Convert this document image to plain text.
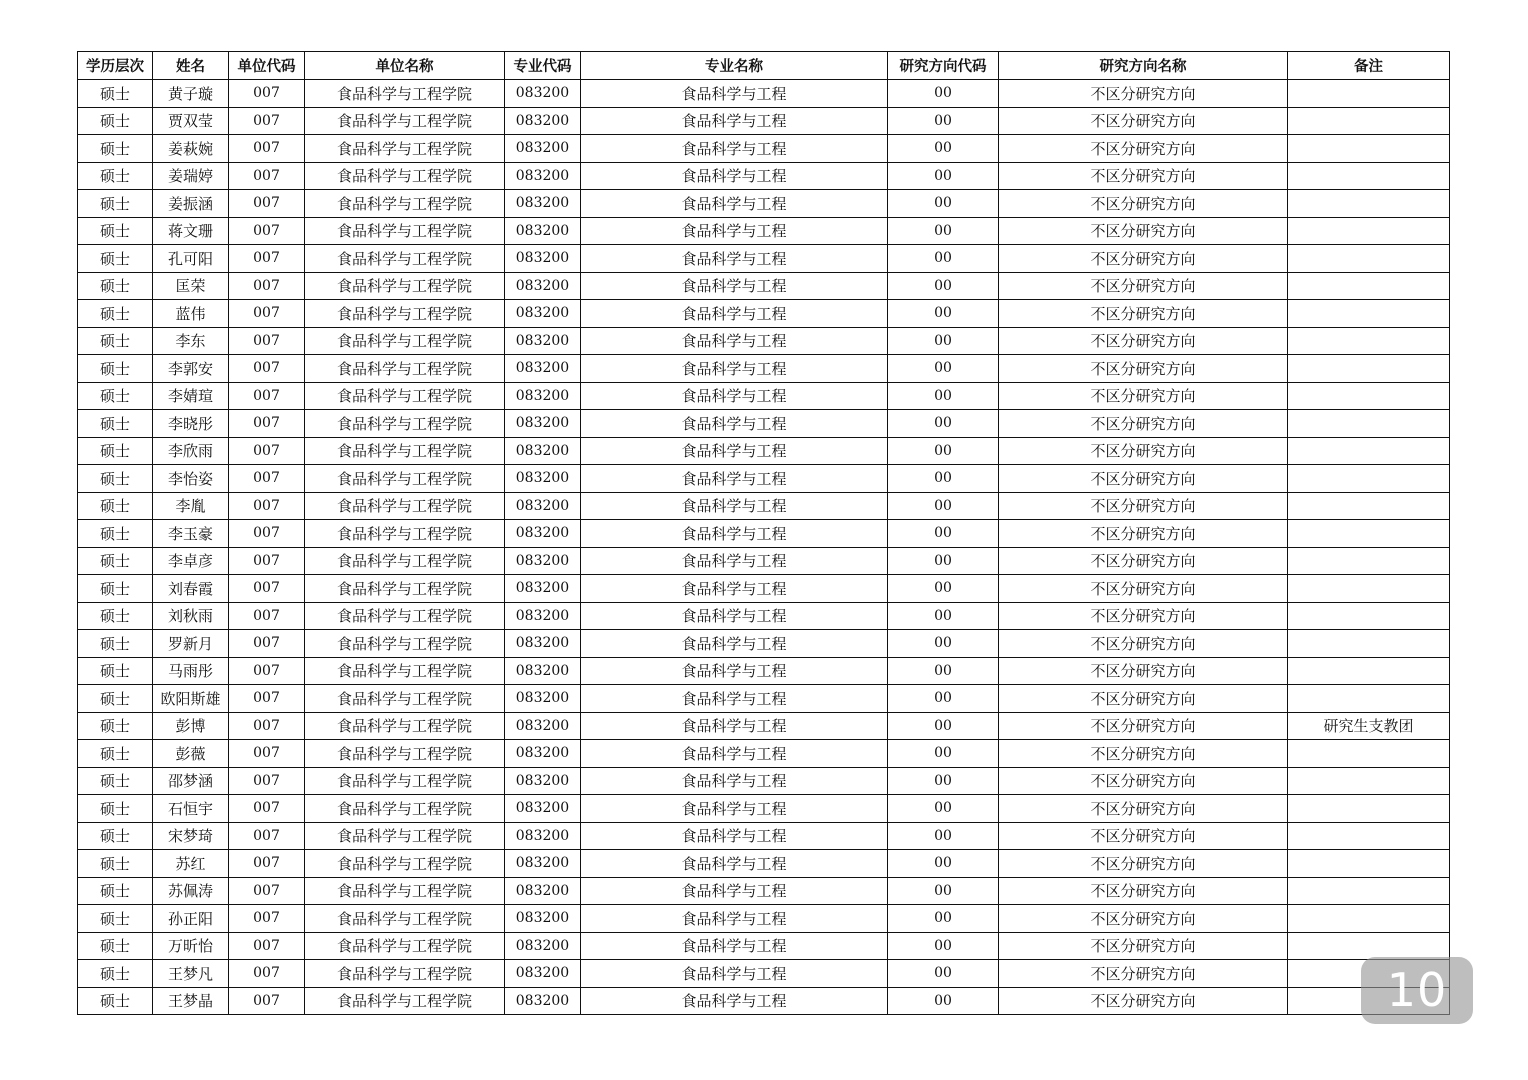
学历层次	姓名	单位代码	单位名称	专业代码	专业名称	研究方向代码	研究方向名称	备注
硕士	黄子璇	007	食品科学与工程学院	083200	食品科学与工程	00	不区分研究方向	
硕士	贾双莹	007	食品科学与工程学院	083200	食品科学与工程	00	不区分研究方向	
硕士	姜萩婉	007	食品科学与工程学院	083200	食品科学与工程	00	不区分研究方向	
硕士	姜瑞婷	007	食品科学与工程学院	083200	食品科学与工程	00	不区分研究方向	
硕士	姜振涵	007	食品科学与工程学院	083200	食品科学与工程	00	不区分研究方向	
硕士	蒋文珊	007	食品科学与工程学院	083200	食品科学与工程	00	不区分研究方向	
硕士	孔可阳	007	食品科学与工程学院	083200	食品科学与工程	00	不区分研究方向	
硕士	匡荣	007	食品科学与工程学院	083200	食品科学与工程	00	不区分研究方向	
硕士	蓝伟	007	食品科学与工程学院	083200	食品科学与工程	00	不区分研究方向	
硕士	李东	007	食品科学与工程学院	083200	食品科学与工程	00	不区分研究方向	
硕士	李郭安	007	食品科学与工程学院	083200	食品科学与工程	00	不区分研究方向	
硕士	李婧瑄	007	食品科学与工程学院	083200	食品科学与工程	00	不区分研究方向	
硕士	李晓彤	007	食品科学与工程学院	083200	食品科学与工程	00	不区分研究方向	
硕士	李欣雨	007	食品科学与工程学院	083200	食品科学与工程	00	不区分研究方向	
硕士	李怡姿	007	食品科学与工程学院	083200	食品科学与工程	00	不区分研究方向	
硕士	李胤	007	食品科学与工程学院	083200	食品科学与工程	00	不区分研究方向	
硕士	李玉豪	007	食品科学与工程学院	083200	食品科学与工程	00	不区分研究方向	
硕士	李卓彦	007	食品科学与工程学院	083200	食品科学与工程	00	不区分研究方向	
硕士	刘春霞	007	食品科学与工程学院	083200	食品科学与工程	00	不区分研究方向	
硕士	刘秋雨	007	食品科学与工程学院	083200	食品科学与工程	00	不区分研究方向	
硕士	罗新月	007	食品科学与工程学院	083200	食品科学与工程	00	不区分研究方向	
硕士	马雨彤	007	食品科学与工程学院	083200	食品科学与工程	00	不区分研究方向	
硕士	欧阳斯雄	007	食品科学与工程学院	083200	食品科学与工程	00	不区分研究方向	
硕士	彭博	007	食品科学与工程学院	083200	食品科学与工程	00	不区分研究方向	研究生支教团
硕士	彭薇	007	食品科学与工程学院	083200	食品科学与工程	00	不区分研究方向	
硕士	邵梦涵	007	食品科学与工程学院	083200	食品科学与工程	00	不区分研究方向	
硕士	石恒宇	007	食品科学与工程学院	083200	食品科学与工程	00	不区分研究方向	
硕士	宋梦琦	007	食品科学与工程学院	083200	食品科学与工程	00	不区分研究方向	
硕士	苏红	007	食品科学与工程学院	083200	食品科学与工程	00	不区分研究方向	
硕士	苏佩涛	007	食品科学与工程学院	083200	食品科学与工程	00	不区分研究方向	
硕士	孙正阳	007	食品科学与工程学院	083200	食品科学与工程	00	不区分研究方向	
硕士	万昕怡	007	食品科学与工程学院	083200	食品科学与工程	00	不区分研究方向	
硕士	王梦凡	007	食品科学与工程学院	083200	食品科学与工程	00	不区分研究方向	
硕士	王梦晶	007	食品科学与工程学院	083200	食品科学与工程	00	不区分研究方向		10
